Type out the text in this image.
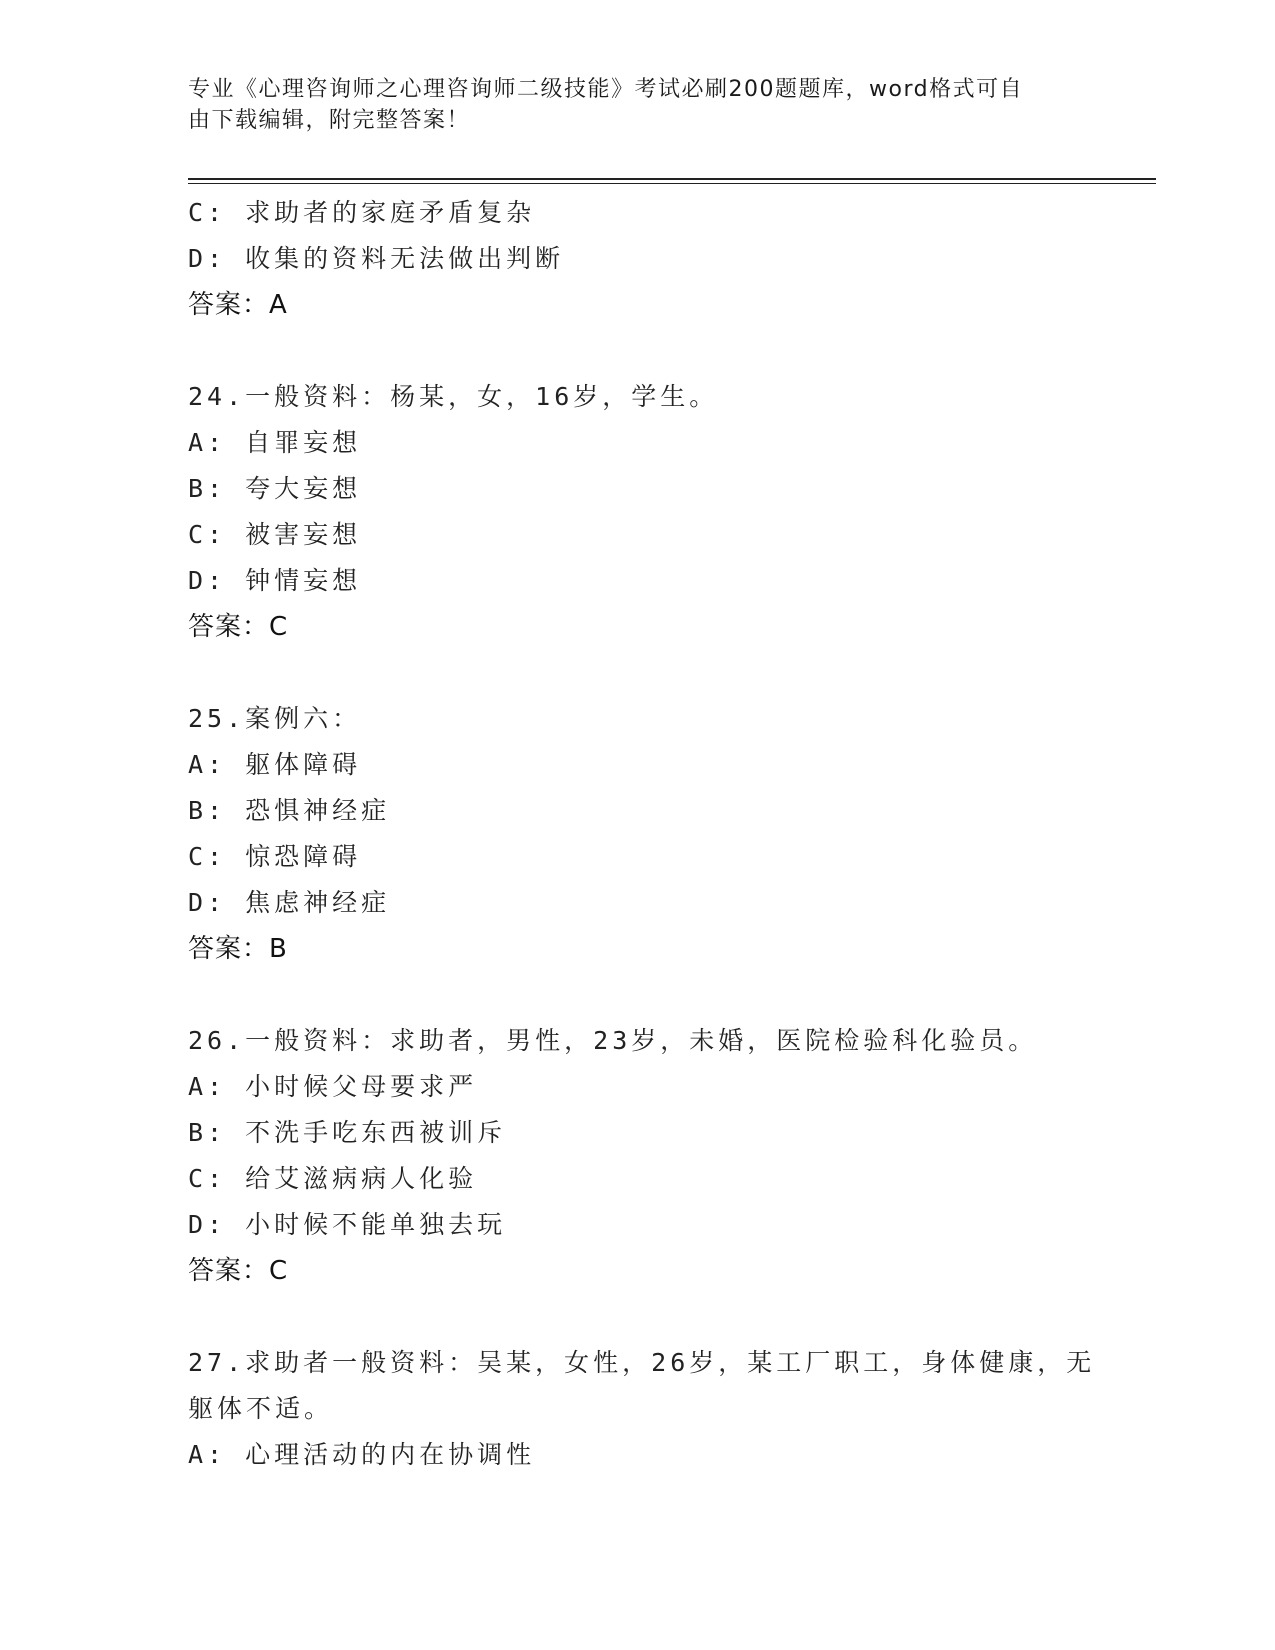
专业《心理咨询师之心理咨询师二级技能》考试必刷200题题库，word格式可自
由下载编辑，附完整答案！
C: 求助者的家庭矛盾复杂
D: 收集的资料无法做出判断
答案：A
24.一般资料：杨某，女，16岁，学生。
A: 自罪妄想
B: 夸大妄想
C: 被害妄想
D: 钟情妄想
答案：C
25.案例六：
A: 躯体障碍
B: 恐惧神经症
C: 惊恐障碍
D: 焦虑神经症
答案：B
26.一般资料：求助者，男性，23岁，未婚，医院检验科化验员。
A: 小时候父母要求严
B: 不洗手吃东西被训斥
C: 给艾滋病病人化验
D: 小时候不能单独去玩
答案：C
27.求助者一般资料：吴某，女性，26岁，某工厂职工，身体健康，无
躯体不适。
A: 心理活动的内在协调性
